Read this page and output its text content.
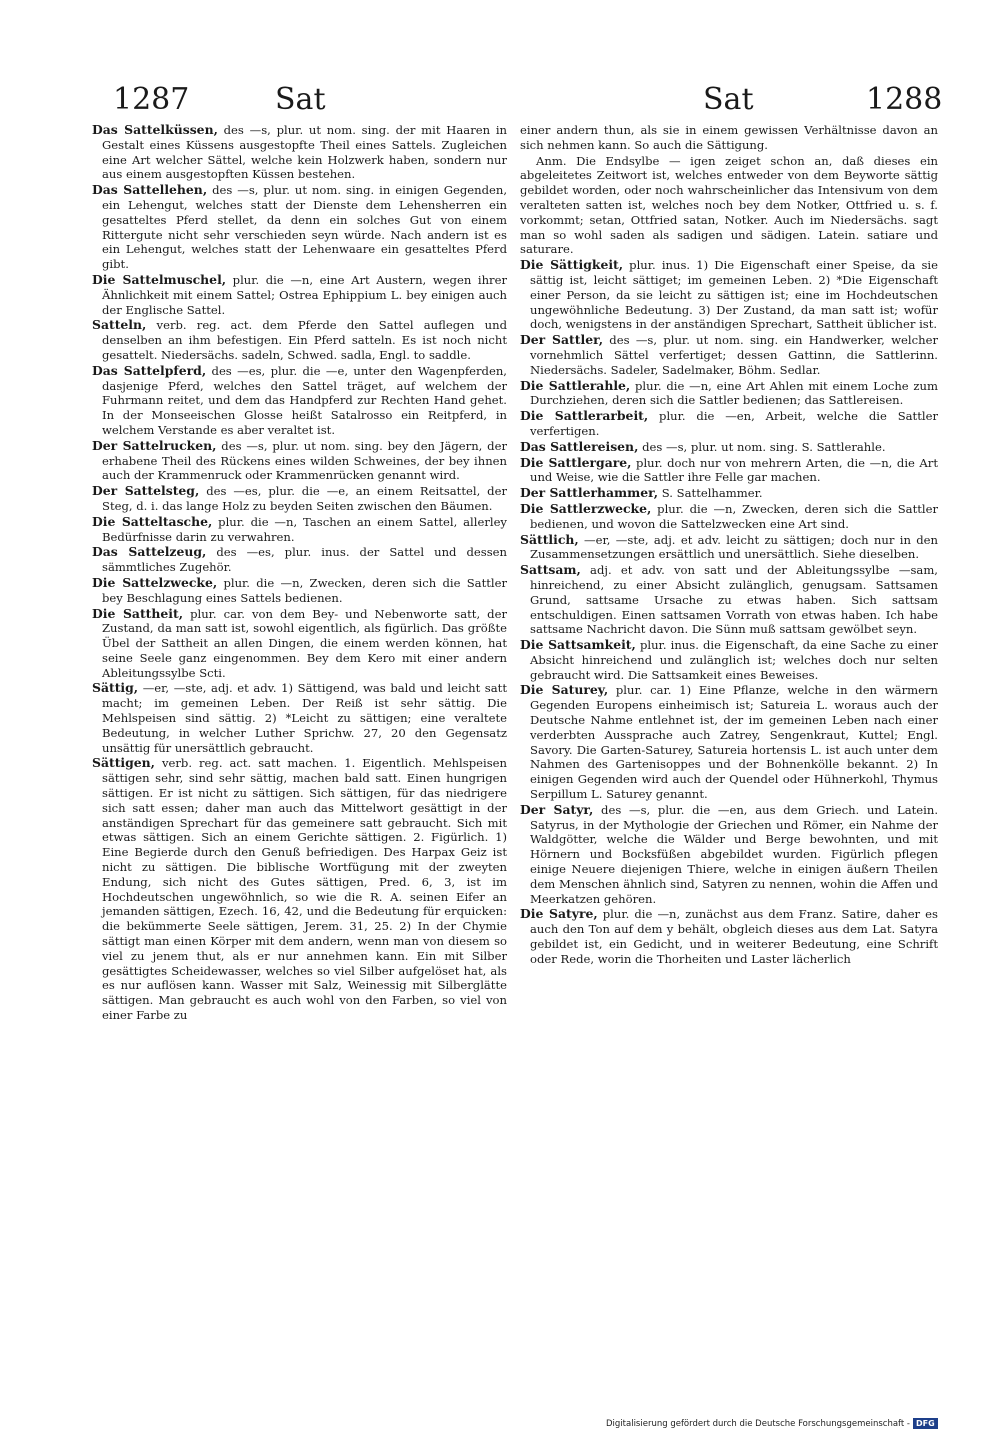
1287	Sat	Sat	1288

Das Sattelküssen, des —s, plur. ut nom. sing. der mit Haaren in Gestalt eines Küssens ausgestopfte Theil eines Sattels. Zugleichen eine Art welcher Sättel, welche kein Holzwerk haben, sondern nur aus einem ausgestopften Küssen bestehen.

Das Sattellehen, des —s, plur. ut nom. sing. in einigen Gegenden, ein Lehengut, welches statt der Dienste dem Lehensherren ein gesatteltes Pferd stellet, da denn ein solches Gut von einem Rittergute nicht sehr verschieden seyn würde. Nach andern ist es ein Lehengut, welches statt der Lehenwaare ein gesatteltes Pferd gibt.

Die Sattelmuschel, plur. die —n, eine Art Austern, wegen ihrer Ähnlichkeit mit einem Sattel; Ostrea Ephippium L. bey einigen auch der Englische Sattel.

Satteln, verb. reg. act. dem Pferde den Sattel auflegen und denselben an ihm befestigen. Ein Pferd satteln. Es ist noch nicht gesattelt. Niedersächs. sadeln, Schwed. sadla, Engl. to saddle.

Das Sattelpferd, des —es, plur. die —e, unter den Wagenpferden, dasjenige Pferd, welches den Sattel träget, auf welchem der Fuhrmann reitet, und dem das Handpferd zur Rechten Hand gehet. In der Monseeischen Glosse heißt Satalrosso ein Reitpferd, in welchem Verstande es aber veraltet ist.

Der Sattelrucken, des —s, plur. ut nom. sing. bey den Jägern, der erhabene Theil des Rückens eines wilden Schweines, der bey ihnen auch der Krammenruck oder Krammenrücken genannt wird.

Der Sattelsteg, des —es, plur. die —e, an einem Reitsattel, der Steg, d. i. das lange Holz zu beyden Seiten zwischen den Bäumen.

Die Satteltasche, plur. die —n, Taschen an einem Sattel, allerley Bedürfnisse darin zu verwahren.

Das Sattelzeug, des —es, plur. inus. der Sattel und dessen sämmtliches Zugehör.

Die Sattelzwecke, plur. die —n, Zwecken, deren sich die Sattler bey Beschlagung eines Sattels bedienen.

Die Sattheit, plur. car. von dem Bey- und Nebenworte satt, der Zustand, da man satt ist, sowohl eigentlich, als figürlich. Das größte Übel der Sattheit an allen Dingen, die einem werden können, hat seine Seele ganz eingenommen. Bey dem Kero mit einer andern Ableitungssylbe Scti.

Sättig, —er, —ste, adj. et adv. 1) Sättigend, was bald und leicht satt macht; im gemeinen Leben. Der Reiß ist sehr sättig. Die Mehlspeisen sind sättig. 2) *Leicht zu sättigen; eine veraltete Bedeutung, in welcher Luther Sprichw. 27, 20 den Gegensatz unsättig für unersättlich gebraucht.

Sättigen, verb. reg. act. satt machen. 1. Eigentlich. Mehlspeisen sättigen sehr, sind sehr sättig, machen bald satt. Einen hungrigen sättigen. Er ist nicht zu sättigen. Sich sättigen, für das niedrigere sich satt essen; daher man auch das Mittelwort gesättigt in der anständigen Sprechart für das gemeinere satt gebraucht. Sich mit etwas sättigen. Sich an einem Gerichte sättigen. 2. Figürlich. 1) Eine Begierde durch den Genuß befriedigen. Des Harpax Geiz ist nicht zu sättigen. Die biblische Wortfügung mit der zweyten Endung, sich nicht des Gutes sättigen, Pred. 6, 3, ist im Hochdeutschen ungewöhnlich, so wie die R. A. seinen Eifer an jemanden sättigen, Ezech. 16, 42, und die Bedeutung für erquicken: die bekümmerte Seele sättigen, Jerem. 31, 25. 2) In der Chymie sättigt man einen Körper mit dem andern, wenn man von diesem so viel zu jenem thut, als er nur annehmen kann. Ein mit Silber gesättigtes Scheidewasser, welches so viel Silber aufgelöset hat, als es nur auflösen kann. Wasser mit Salz, Weinessig mit Silberglätte sättigen. Man gebraucht es auch wohl von den Farben, so viel von einer Farbe zu

einer andern thun, als sie in einem gewissen Verhältnisse davon an sich nehmen kann. So auch die Sättigung.

Anm. Die Endsylbe — igen zeiget schon an, daß dieses ein abgeleitetes Zeitwort ist, welches entweder von dem Beyworte sättig gebildet worden, oder noch wahrscheinlicher das Intensivum von dem veralteten satten ist, welches noch bey dem Notker, Ottfried u. s. f. vorkommt; setan, Ottfried satan, Notker. Auch im Niedersächs. sagt man so wohl saden als sadigen und sädigen. Latein. satiare und saturare.

Die Sättigkeit, plur. inus. 1) Die Eigenschaft einer Speise, da sie sättig ist, leicht sättiget; im gemeinen Leben. 2) *Die Eigenschaft einer Person, da sie leicht zu sättigen ist; eine im Hochdeutschen ungewöhnliche Bedeutung. 3) Der Zustand, da man satt ist; wofür doch, wenigstens in der anständigen Sprechart, Sattheit üblicher ist.

Der Sattler, des —s, plur. ut nom. sing. ein Handwerker, welcher vornehmlich Sättel verfertiget; dessen Gattinn, die Sattlerinn. Niedersächs. Sadeler, Sadelmaker, Böhm. Sedlar.

Die Sattlerahle, plur. die —n, eine Art Ahlen mit einem Loche zum Durchziehen, deren sich die Sattler bedienen; das Sattlereisen.

Die Sattlerarbeit, plur. die —en, Arbeit, welche die Sattler verfertigen.

Das Sattlereisen, des —s, plur. ut nom. sing. S. Sattlerahle.

Die Sattlergare, plur. doch nur von mehrern Arten, die —n, die Art und Weise, wie die Sattler ihre Felle gar machen.

Der Sattlerhammer, S. Sattelhammer.

Die Sattlerzwecke, plur. die —n, Zwecken, deren sich die Sattler bedienen, und wovon die Sattelzwecken eine Art sind.

Sättlich, —er, —ste, adj. et adv. leicht zu sättigen; doch nur in den Zusammensetzungen ersättlich und unersättlich. Siehe dieselben.

Sattsam, adj. et adv. von satt und der Ableitungssylbe —sam, hinreichend, zu einer Absicht zulänglich, genugsam. Sattsamen Grund, sattsame Ursache zu etwas haben. Sich sattsam entschuldigen. Einen sattsamen Vorrath von etwas haben. Ich habe sattsame Nachricht davon. Die Sünn muß sattsam gewölbet seyn.

Die Sattsamkeit, plur. inus. die Eigenschaft, da eine Sache zu einer Absicht hinreichend und zulänglich ist; welches doch nur selten gebraucht wird. Die Sattsamkeit eines Beweises.

Die Saturey, plur. car. 1) Eine Pflanze, welche in den wärmern Gegenden Europens einheimisch ist; Satureia L. woraus auch der Deutsche Nahme entlehnet ist, der im gemeinen Leben nach einer verderbten Aussprache auch Zatrey, Sengenkraut, Kuttel; Engl. Savory. Die Garten-Saturey, Satureia hortensis L. ist auch unter dem Nahmen des Gartenisoppes und der Bohnenkölle bekannt. 2) In einigen Gegenden wird auch der Quendel oder Hühnerkohl, Thymus Serpillum L. Saturey genannt.

Der Satyr, des —s, plur. die —en, aus dem Griech. und Latein. Satyrus, in der Mythologie der Griechen und Römer, ein Nahme der Waldgötter, welche die Wälder und Berge bewohnten, und mit Hörnern und Bocksfüßen abgebildet wurden. Figürlich pflegen einige Neuere diejenigen Thiere, welche in einigen äußern Theilen dem Menschen ähnlich sind, Satyren zu nennen, wohin die Affen und Meerkatzen gehören.

Die Satyre, plur. die —n, zunächst aus dem Franz. Satire, daher es auch den Ton auf dem y behält, obgleich dieses aus dem Lat. Satyra gebildet ist, ein Gedicht, und in weiterer Bedeutung, eine Schrift oder Rede, worin die Thorheiten und Laster lächerlich

Digitalisierung gefördert durch die Deutsche Forschungsgemeinschaft - DFG
